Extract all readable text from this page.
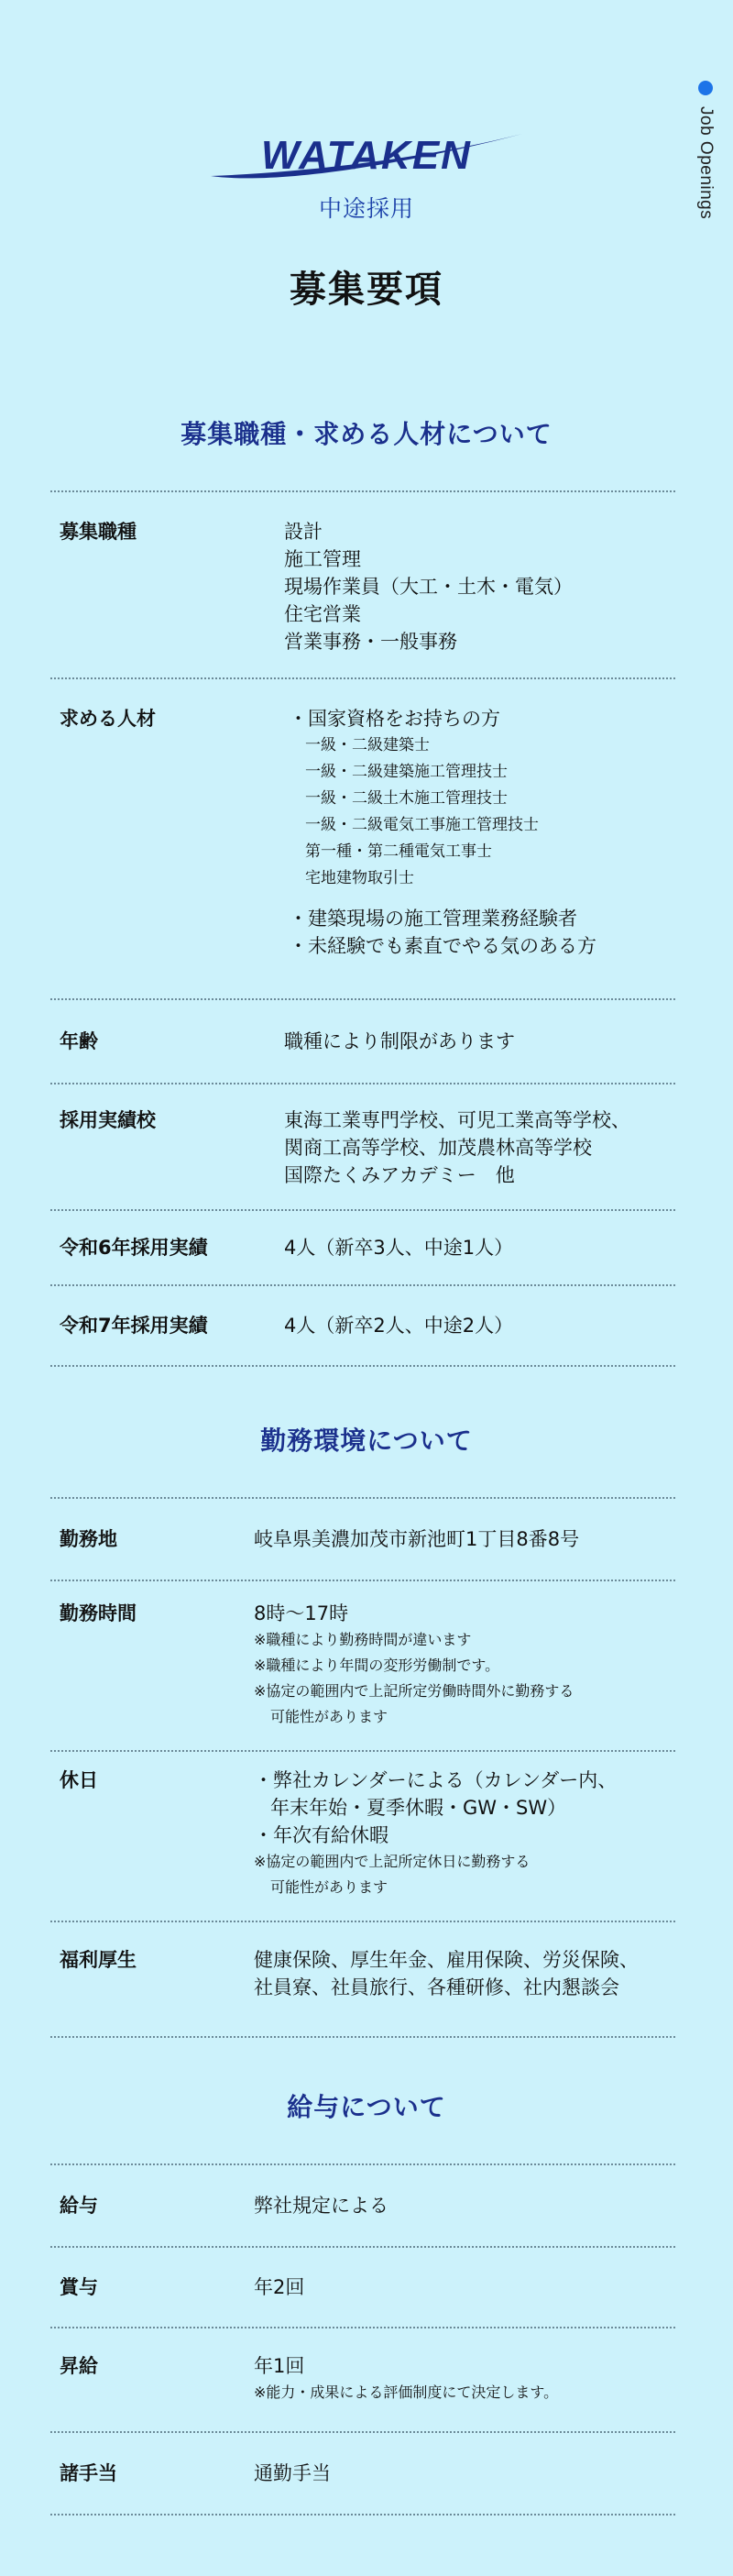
Job Openings
WATAKEN
中途採用
募集要項
募集職種・求める人材について
募集職種	設計
施工管理
現場作業員（大工・土木・電気）
住宅営業
営業事務・一般事務
求める人材	・国家資格をお持ちの方
一級・二級建築士
一級・二級建築施工管理技士
一級・二級土木施工管理技士
一級・二級電気工事施工管理技士
第一種・第二種電気工事士
宅地建物取引士
・建築現場の施工管理業務経験者
・未経験でも素直でやる気のある方
年齢	職種により制限があります
採用実績校	東海工業専門学校、可児工業高等学校、
関商工高等学校、加茂農林高等学校
国際たくみアカデミー　他
令和6年採用実績	4人（新卒3人、中途1人）
令和7年採用実績	4人（新卒2人、中途2人）
勤務環境について
勤務地	岐阜県美濃加茂市新池町1丁目8番8号
勤務時間	8時〜17時
※職種により勤務時間が違います
※職種により年間の変形労働制です。
※協定の範囲内で上記所定労働時間外に勤務する
可能性があります
休日	・弊社カレンダーによる（カレンダー内、
年末年始・夏季休暇・GW・SW）
・年次有給休暇
※協定の範囲内で上記所定休日に勤務する
可能性があります
福利厚生	健康保険、厚生年金、雇用保険、労災保険、
社員寮、社員旅行、各種研修、社内懇談会
給与について
給与	弊社規定による
賞与	年2回
昇給	年1回
※能力・成果による評価制度にて決定します。
諸手当	通勤手当
